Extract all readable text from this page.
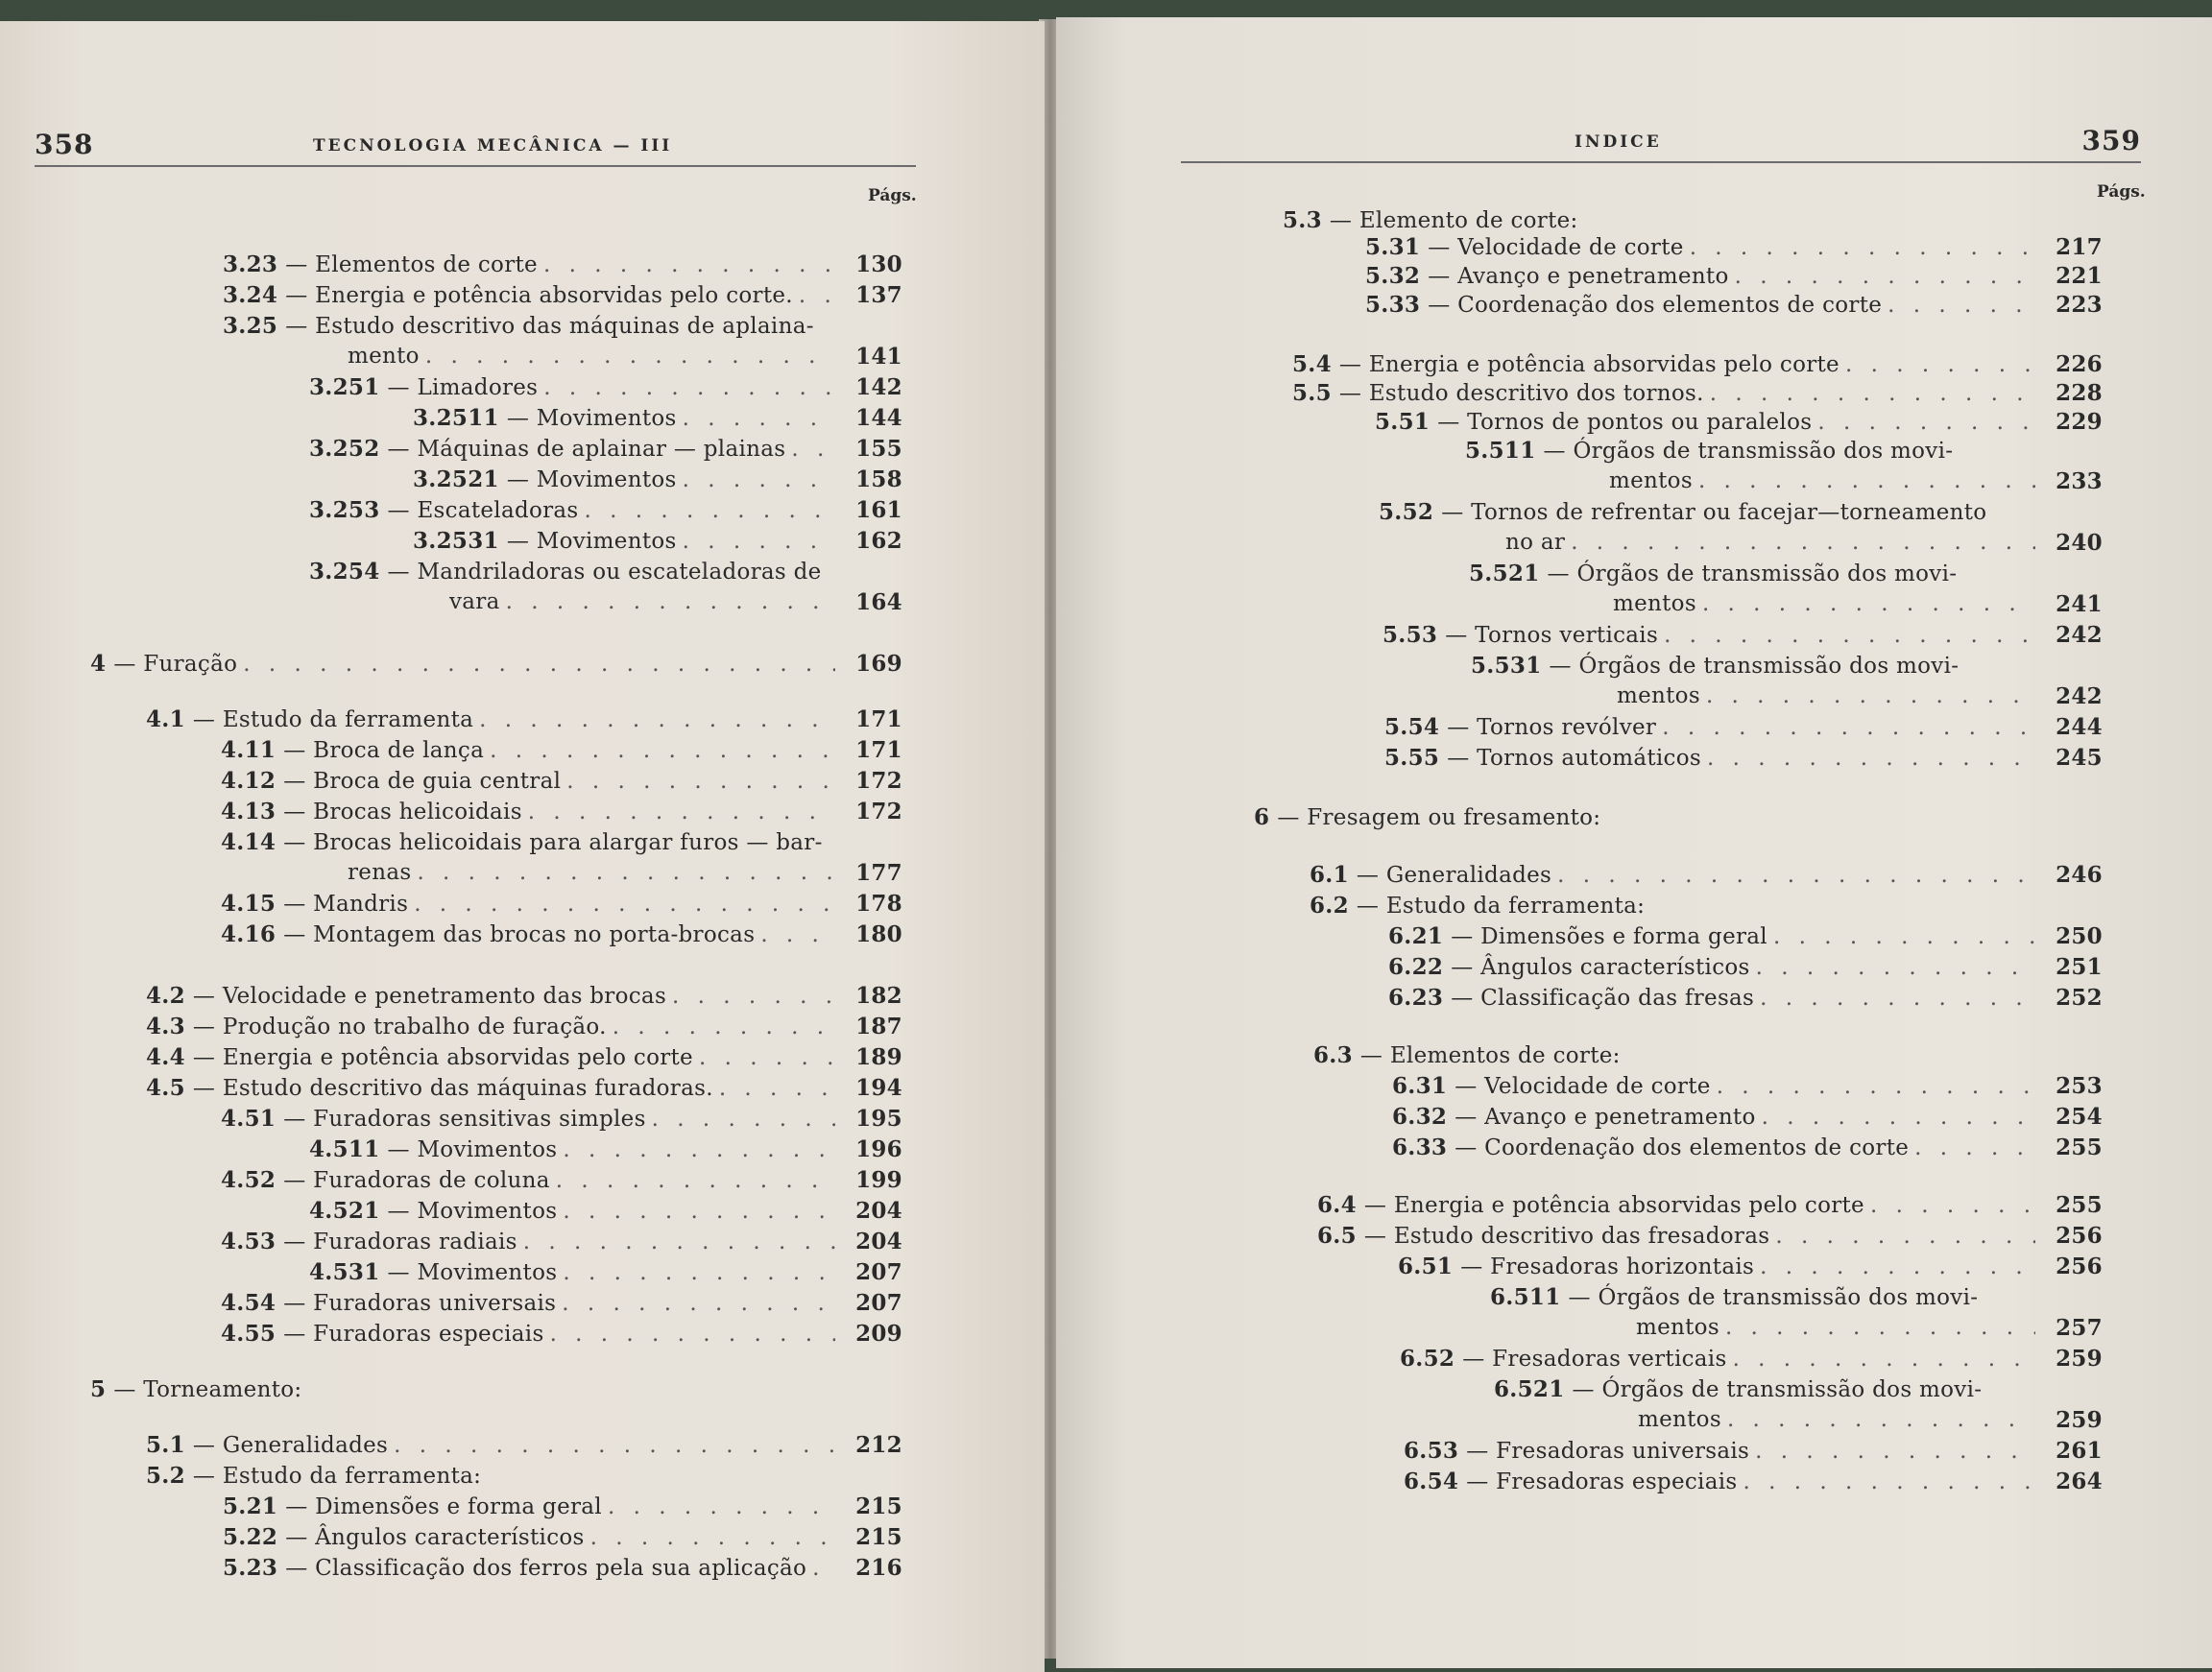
358	TECNOLOGIA MECÂNICA — III
Págs.
3.23 — Elementos de corte . . .	130
3.24 — Energia e potência absorvidas pelo corte. . . .	137
3.25 — Estudo descritivo das máquinas de aplaina-
mento . . .	141
3.251 — Limadores . . .	142
3.2511 — Movimentos . . .	144
3.252 — Máquinas de aplainar — plainas . . .	155
3.2521 — Movimentos . . .	158
3.253 — Escateladoras . . .	161
3.2531 — Movimentos . . .	162
3.254 — Mandriladoras ou escateladoras de
vara . . .	164
4 — Furação . . .	169
4.1 — Estudo da ferramenta . . .	171
4.11 — Broca de lança . . .	171
4.12 — Broca de guia central . . .	172
4.13 — Brocas helicoidais . . .	172
4.14 — Brocas helicoidais para alargar furos — bar-
renas . . .	177
4.15 — Mandris . . .	178
4.16 — Montagem das brocas no porta-brocas . . .	180
4.2 — Velocidade e penetramento das brocas . . .	182
4.3 — Produção no trabalho de furação. . . .	187
4.4 — Energia e potência absorvidas pelo corte . . .	189
4.5 — Estudo descritivo das máquinas furadoras. . . .	194
4.51 — Furadoras sensitivas simples . . .	195
4.511 — Movimentos . . .	196
4.52 — Furadoras de coluna . . .	199
4.521 — Movimentos . . .	204
4.53 — Furadoras radiais . . .	204
4.531 — Movimentos . . .	207
4.54 — Furadoras universais . . .	207
4.55 — Furadoras especiais . . .	209
5 — Torneamento:
5.1 — Generalidades . . .	212
5.2 — Estudo da ferramenta:
5.21 — Dimensões e forma geral . . .	215
5.22 — Ângulos característicos . . .	215
5.23 — Classificação dos ferros pela sua aplicação . . . 216
INDICE	359
Págs.
5.3 — Elemento de corte:
5.31 — Velocidade de corte . . .	217
5.32 — Avanço e penetramento . . .	221
5.33 — Coordenação dos elementos de corte . . .	223
5.4 — Energia e potência absorvidas pelo corte . . .	226
5.5 — Estudo descritivo dos tornos. . . .	228
5.51 — Tornos de pontos ou paralelos . . .	229
5.511 — Órgãos de transmissão dos movi-
mentos . . .	233
5.52 — Tornos de refrentar ou facejar—torneamento
no ar . . .	240
5.521 — Órgãos de transmissão dos movi-
mentos . . .	241
5.53 — Tornos verticais . . .	242
5.531 — Órgãos de transmissão dos movi-
mentos . . .	242
5.54 — Tornos revólver . . .	244
5.55 — Tornos automáticos . . .	245
6 — Fresagem ou fresamento:
6.1 — Generalidades . . .	246
6.2 — Estudo da ferramenta:
6.21 — Dimensões e forma geral . . .	250
6.22 — Ângulos característicos . . .	251
6.23 — Classificação das fresas . . .	252
6.3 — Elementos de corte:
6.31 — Velocidade de corte . . .	253
6.32 — Avanço e penetramento . . .	254
6.33 — Coordenação dos elementos de corte . . .	255
6.4 — Energia e potência absorvidas pelo corte . . .	255
6.5 — Estudo descritivo das fresadoras . . .	256
6.51 — Fresadoras horizontais . . .	256
6.511 — Órgãos de transmissão dos movi-
mentos . . .	257
6.52 — Fresadoras verticais . . .	259
6.521 — Órgãos de transmissão dos movi-
mentos . . .	259
6.53 — Fresadoras universais . . .	261
6.54 — Fresadoras especiais . . .	264
